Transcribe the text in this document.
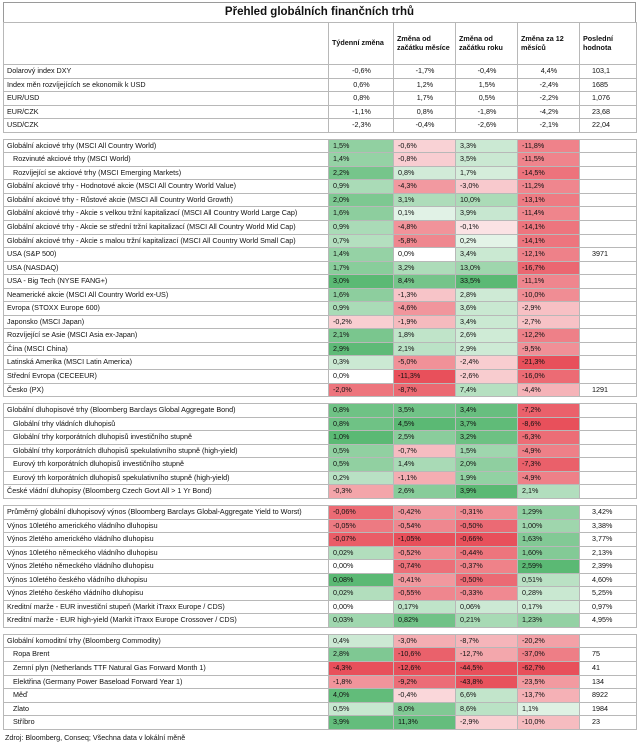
Přehled globálních finančních trhů
	Týdenní změna	Změna od začátku měsíce	Změna od začátku roku	Změna za 12 měsíců	Poslední hodnota
Dolarový index DXY	-0,6%	-1,7%	-0,4%	4,4%	103,1
Index měn rozvíjejících se ekonomik k USD	0,6%	1,2%	1,5%	-2,4%	1685
EUR/USD	0,8%	1,7%	0,5%	-2,2%	1,076
EUR/CZK	-1,1%	0,8%	-1,8%	-4,2%	23,68
USD/CZK	-2,3%	-0,4%	-2,6%	-2,1%	22,04

Globální akciové trhy (MSCI All Country World)	1,5%	-0,6%	3,3%	-11,8%	
Rozvinuté akciové trhy (MSCI World)	1,4%	-0,8%	3,5%	-11,5%	
Rozvíjející se akciové trhy (MSCI Emerging Markets)	2,2%	0,8%	1,7%	-14,5%	
Globální akciové trhy - Hodnotové akcie (MSCI All Country World Value)	0,9%	-4,3%	-3,0%	-11,2%	
Globální akciové trhy - Růstové akcie (MSCI All Country World Growth)	2,0%	3,1%	10,0%	-13,1%	
Globální akciové trhy - Akcie s velkou tržní kapitalizací (MSCI All Country World Large Cap)	1,6%	0,1%	3,9%	-11,4%	
Globální akciové trhy - Akcie se střední tržní kapitalizací (MSCI All Country World Mid Cap)	0,9%	-4,8%	-0,1%	-14,1%	
Globální akciové trhy - Akcie s malou tržní kapitalizací (MSCI All Country World Small Cap)	0,7%	-5,8%	0,2%	-14,1%	
USA (S&P 500)	1,4%	0,0%	3,4%	-12,1%	3971
USA (NASDAQ)	1,7%	3,2%	13,0%	-16,7%	
USA - Big Tech (NYSE FANG+)	3,0%	8,4%	33,5%	-11,1%	
Neamerické akcie (MSCI All Country World ex-US)	1,6%	-1,3%	2,8%	-10,0%	
Evropa (STOXX Europe 600)	0,9%	-4,6%	3,6%	-2,9%	
Japonsko (MSCI Japan)	-0,2%	-1,9%	3,4%	-2,7%	
Rozvíjející se Asie (MSCI Asia ex-Japan)	2,1%	1,8%	2,6%	-12,2%	
Čína (MSCI China)	2,9%	2,1%	2,9%	-9,5%	
Latinská Amerika (MSCI Latin America)	0,3%	-5,0%	-2,4%	-21,3%	
Střední Evropa (CECEEUR)	0,0%	-11,3%	-2,6%	-16,0%	
Česko (PX)	-2,0%	-8,7%	7,4%	-4,4%	1291

Globální dluhopisové trhy (Bloomberg Barclays Global Aggregate Bond)	0,8%	3,5%	3,4%	-7,2%	
Globální trhy vládních dluhopisů	0,8%	4,5%	3,7%	-8,6%	
Globální trhy korporátních dluhopisů investičního stupně	1,0%	2,5%	3,2%	-6,3%	
Globální trhy korporátních dluhopisů spekulativního stupně (high-yield)	0,5%	-0,7%	1,5%	-4,9%	
Eurový trh korporátních dluhopisů investičního stupně	0,5%	1,4%	2,0%	-7,3%	
Eurový trh korporátních dluhopisů spekulativního stupně (high-yield)	0,2%	-1,1%	1,9%	-4,9%	
České vládní dluhopisy (Bloomberg Czech Govt All > 1 Yr Bond)	-0,3%	2,6%	3,9%	2,1%	

Průměrný globální dluhopisový výnos (Bloomberg Barclays Global-Aggregate Yield to Worst)	-0,06%	-0,42%	-0,31%	1,29%	3,42%
Výnos 10letého amerického vládního dluhopisu	-0,05%	-0,54%	-0,50%	1,00%	3,38%
Výnos 2letého amerického vládního dluhopisu	-0,07%	-1,05%	-0,66%	1,63%	3,77%
Výnos 10letého německého vládního dluhopisu	0,02%	-0,52%	-0,44%	1,60%	2,13%
Výnos 2letého německého vládního dluhopisu	0,00%	-0,74%	-0,37%	2,59%	2,39%
Výnos 10letého českého vládního dluhopisu	0,08%	-0,41%	-0,50%	0,51%	4,60%
Výnos 2letého českého vládního dluhopisu	0,02%	-0,55%	-0,33%	0,28%	5,25%
Kreditní marže - EUR investiční stupeň (Markit iTraxx Europe / CDS)	0,00%	0,17%	0,06%	0,17%	0,97%
Kreditní marže - EUR high-yield (Markit iTraxx Europe Crossover / CDS)	0,03%	0,82%	0,21%	1,23%	4,95%

Globální komoditní trhy (Bloomberg Commodity)	0,4%	-3,0%	-8,7%	-20,2%	
Ropa Brent	2,8%	-10,6%	-12,7%	-37,0%	75
Zemní plyn (Netherlands TTF Natural Gas Forward Month 1)	-4,3%	-12,6%	-44,5%	-62,7%	41
Elektřina (Germany Power Baseload Forward Year 1)	-1,8%	-9,2%	-43,8%	-23,5%	134
Měď	4,0%	-0,4%	6,6%	-13,7%	8922
Zlato	0,5%	8,0%	8,6%	1,1%	1984
Stříbro	3,9%	11,3%	-2,9%	-10,0%	23
Zdroj: Bloomberg, Conseq; Všechna data v lokální měně
